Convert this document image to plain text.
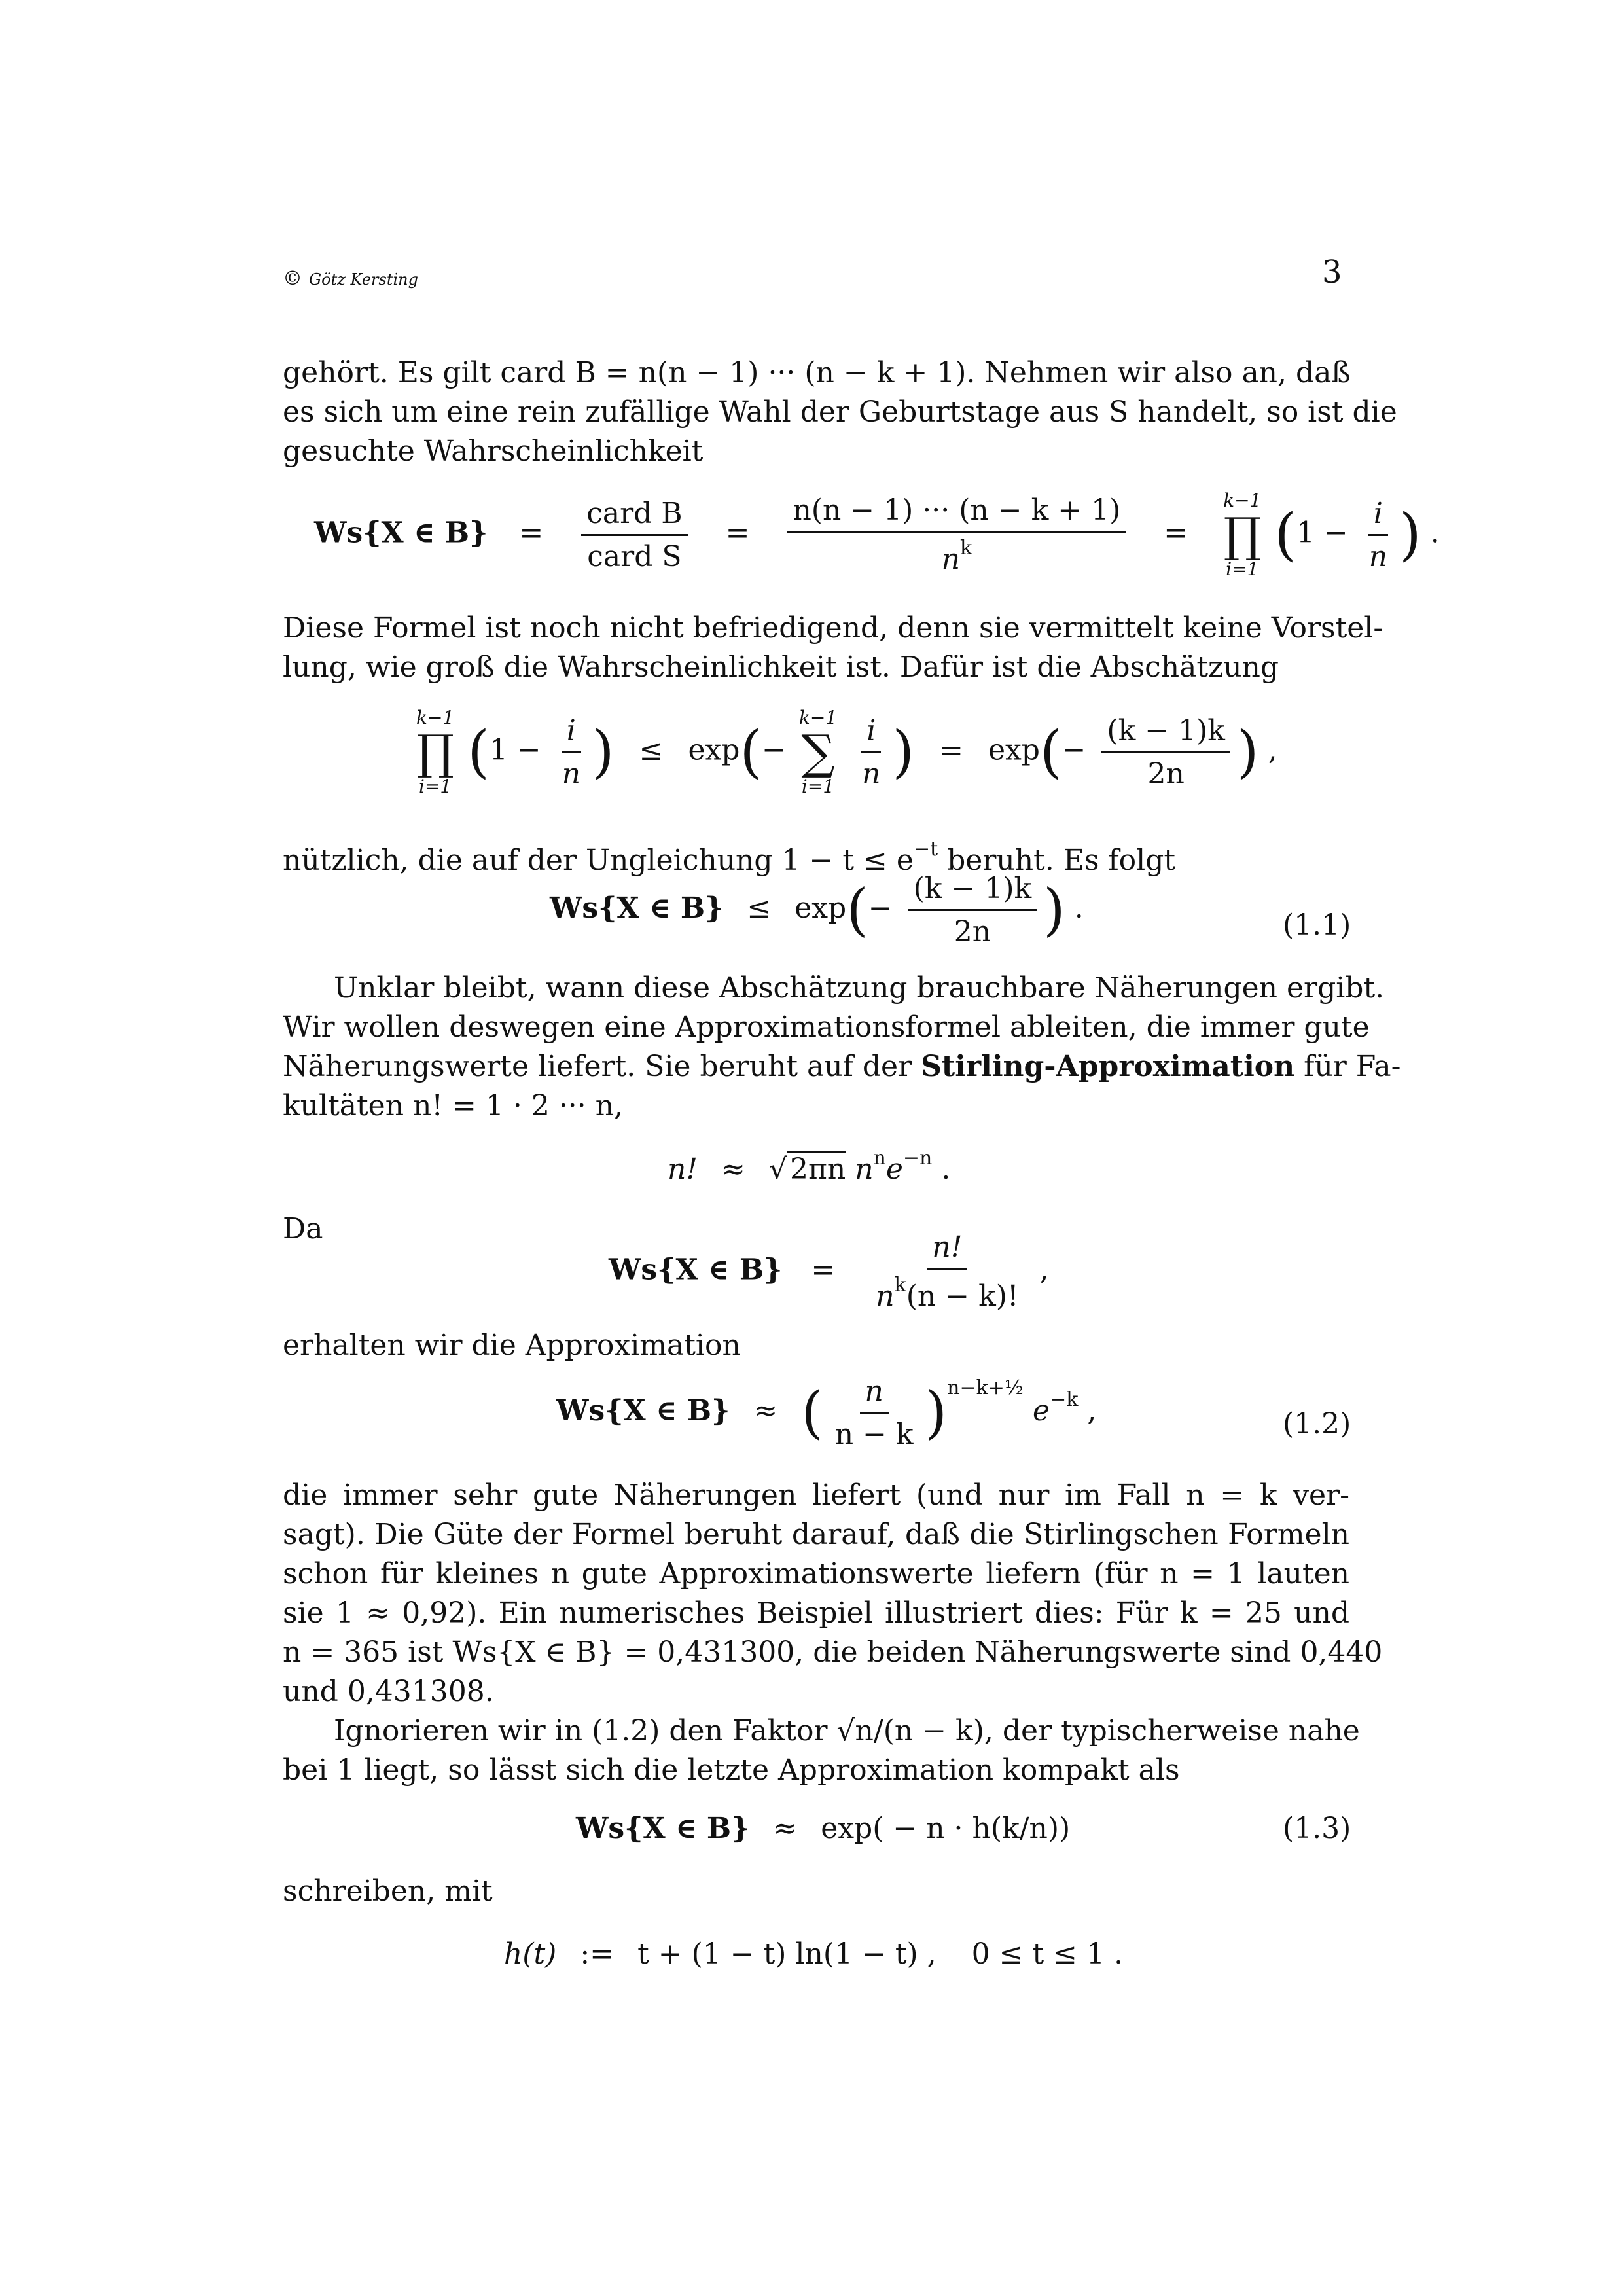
© Götz Kersting	3
gehört. Es gilt card B = n(n − 1) ··· (n − k + 1). Nehmen wir also an, daß
es sich um eine rein zufällige Wahl der Geburtstage aus S handelt, so ist die
gesuchte Wahrscheinlichkeit
Ws{X ∈ $B\} = \frac{\text{card B}}{\text{card S}} = \frac{n(n - 1) \cdot\cdot\cdot (n - k + 1)}{n^k}$ =
k−1
∏
i=1
($1 - \frac{i}{n}$ ) .
Diese Formel ist noch nicht befriedigend, denn sie vermittelt keine Vorstel-
lung, wie groß die Wahrscheinlichkeit ist. Dafür ist die Abschätzung
k−1
∏
i=1
($1 - \frac{i}{n}$ ) ≤ exp(−
k−1
∑
i=1
$\frac{i}{n}$ ) = $\exp(- \frac{(k - 1)k}{2n}$ ) ,
nützlich, die auf der Ungleichung $1 - t \le e^{-t}$ beruht. Es folgt
Ws{X ∈ $B\} \le \exp(- \frac{(k - 1)k}{2n}$ ) .
(1.1)
Unklar bleibt, wann diese Abschätzung brauchbare Näherungen ergibt.
Wir wollen deswegen eine Approximationsformel ableiten, die immer gute
Näherungswerte liefert. Sie beruht auf der Stirling-Approximation für Fa-
kultäten n! = 1 · 2 ··· n,
n! ≈ √2πn $n^ne^{-n}$ .
Da
Ws{X ∈ $B\} = \frac{n!}{n^k(n - k)!}$ ,
erhalten wir die Approximation
Ws{X ∈ B} ≈ ( $\frac{n}{n - k} )^{n-k+\frac{1}{2}}$ $e^{-k}$ ,	(1.2)
die immer sehr gute Näherungen liefert (und nur im Fall n = k ver-
sagt). Die Güte der Formel beruht darauf, daß die Stirlingschen Formeln
schon für kleines n gute Approximationswerte liefern (für n = 1 lauten
sie 1 ≈ 0,92). Ein numerisches Beispiel illustriert dies: Für k = 25 und
n = 365 ist Ws{X ∈ B} = 0,431300, die beiden Näherungswerte sind 0,440
und 0,431308.
Ignorieren wir in (1.2) den Faktor √n/(n − k), der typischerweise nahe
bei 1 liegt, so lässt sich die letzte Approximation kompakt als
Ws{X ∈ B} ≈ exp( − n · h(k/n))	(1.3)
schreiben, mit
h(t) := t + (1 − t) ln(1 − t) , 0 ≤ t ≤ 1 .
